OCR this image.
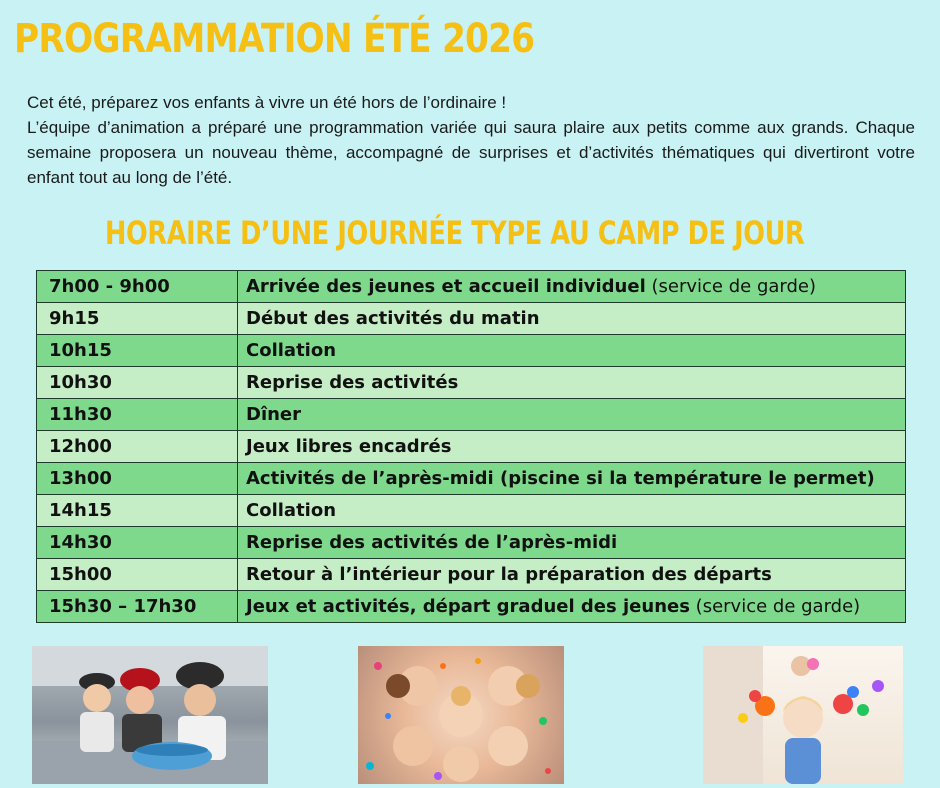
PROGRAMMATION ÉTÉ 2026

Cet été, préparez vos enfants à vivre un été hors de l’ordinaire !

L’équipe d’animation a préparé une programmation variée qui saura plaire aux petits comme aux grands. Chaque semaine proposera un nouveau thème, accompagné de surprises et d’activités thématiques qui divertiront votre enfant tout au long de l’été.

HORAIRE D’UNE JOURNÉE TYPE AU CAMP DE JOUR
7h00 - 9h00	Arrivée des jeunes et accueil individuel (service de garde)
9h15	Début des activités du matin
10h15	Collation
10h30	Reprise des activités
11h30	Dîner
12h00	Jeux libres encadrés
13h00	Activités de l’après-midi (piscine si la température le permet)
14h15	Collation
14h30	Reprise des activités de l’après-midi
15h00	Retour à l’intérieur pour la préparation des départs
15h30 – 17h30	Jeux et activités, départ graduel des jeunes (service de garde)
